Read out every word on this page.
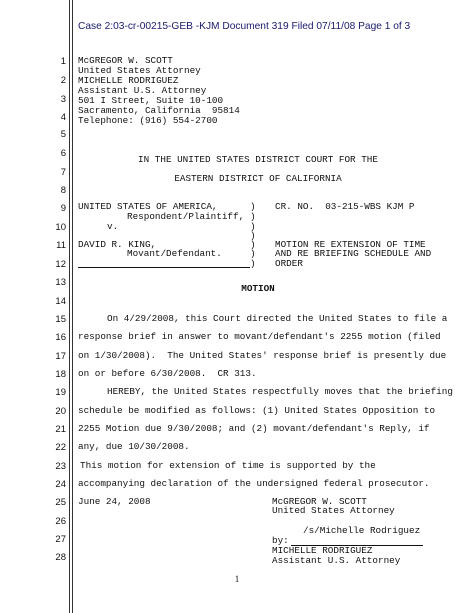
Case 2:03-cr-00215-GEB -KJM Document 319 Filed 07/11/08 Page 1 of 3
1
2
3
4
5
6
7
8
9
10
11
12
13
14
15
16
17
18
19
20
21
22
23
24
25
26
27
28
McGREGOR W. SCOTT
United States Attorney
MICHELLE RODRIGUEZ
Assistant U.S. Attorney
501 I Street, Suite 10-100
Sacramento, California  95814
Telephone: (916) 554-2700
IN THE UNITED STATES DISTRICT COURT FOR THE
EASTERN DISTRICT OF CALIFORNIA
UNITED STATES OF AMERICA,
Respondent/Plaintiff,
v.
DAVID R. KING,
Movant/Defendant.
)
)
)
)
)
)
)
CR. NO.  03-215-WBS KJM P
MOTION RE EXTENSION OF TIME
AND RE BRIEFING SCHEDULE AND
ORDER
MOTION
On 4/29/2008, this Court directed the United States to file a
response brief in answer to movant/defendant's 2255 motion (filed
on 1/30/2008).  The United States' response brief is presently due
on or before 6/30/2008.  CR 313.
HEREBY, the United States respectfully moves that the briefing
schedule be modified as follows: (1) United States Opposition to
2255 Motion due 9/30/2008; and (2) movant/defendant's Reply, if
any, due 10/30/2008.
This motion for extension of time is supported by the
accompanying declaration of the undersigned federal prosecutor.
June 24, 2008	McGREGOR W. SCOTT
United States Attorney
/s/Michelle Rodriguez
by:
MICHELLE RODRIGUEZ
Assistant U.S. Attorney
1
